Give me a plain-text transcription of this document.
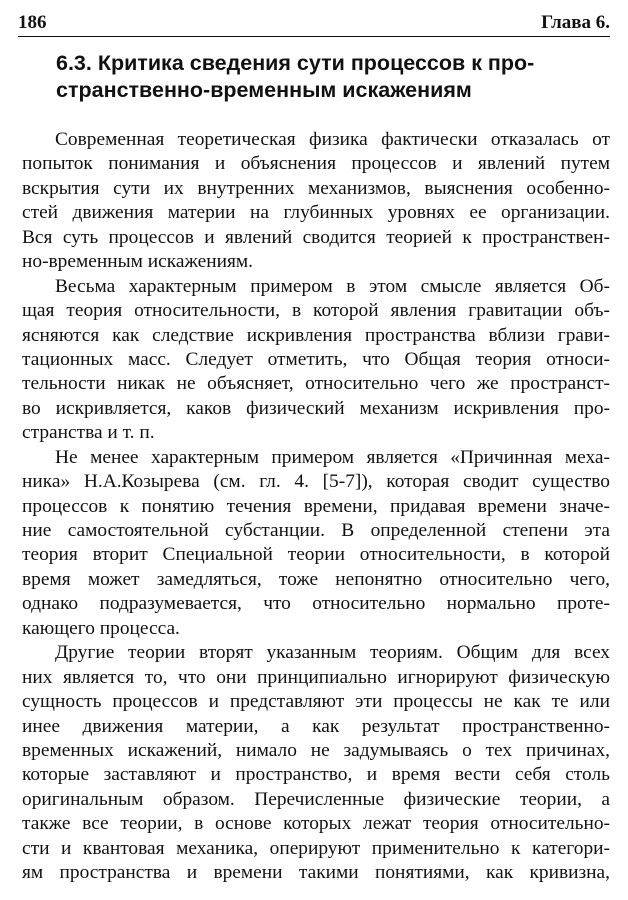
186	Глава 6.
6.3. Критика сведения сути процессов к про-
странственно-временным искажениям

Современная теоретическая физика фактически отказалась от
попыток понимания и объяснения процессов и явлений путем
вскрытия сути их внутренних механизмов, выяснения особенно-
стей движения материи на глубинных уровнях ее организации.
Вся суть процессов и явлений сводится теорией к пространствен-
но-временным искажениям.

Весьма характерным примером в этом смысле является Об-
щая теория относительности, в которой явления гравитации объ-
ясняются как следствие искривления пространства вблизи грави-
тационных масс. Следует отметить, что Общая теория относи-
тельности никак не объясняет, относительно чего же пространст-
во искривляется, каков физический механизм искривления про-
странства и т. п.

Не менее характерным примером является «Причинная меха-
ника» Н.А.Козырева (см. гл. 4. [5-7]), которая сводит существо
процессов к понятию течения времени, придавая времени значе-
ние самостоятельной субстанции. В определенной степени эта
теория вторит Специальной теории относительности, в которой
время может замедляться, тоже непонятно относительно чего,
однако подразумевается, что относительно нормально проте-
кающего процесса.

Другие теории вторят указанным теориям. Общим для всех
них является то, что они принципиально игнорируют физическую
сущность процессов и представляют эти процессы не как те или
инее движения материи, а как результат пространственно-
временных искажений, нимало не задумываясь о тех причинах,
которые заставляют и пространство, и время вести себя столь
оригинальным образом. Перечисленные физические теории, а
также все теории, в основе которых лежат теория относительно-
сти и квантовая механика, оперируют применительно к категори-
ям пространства и времени такими понятиями, как кривизна,
